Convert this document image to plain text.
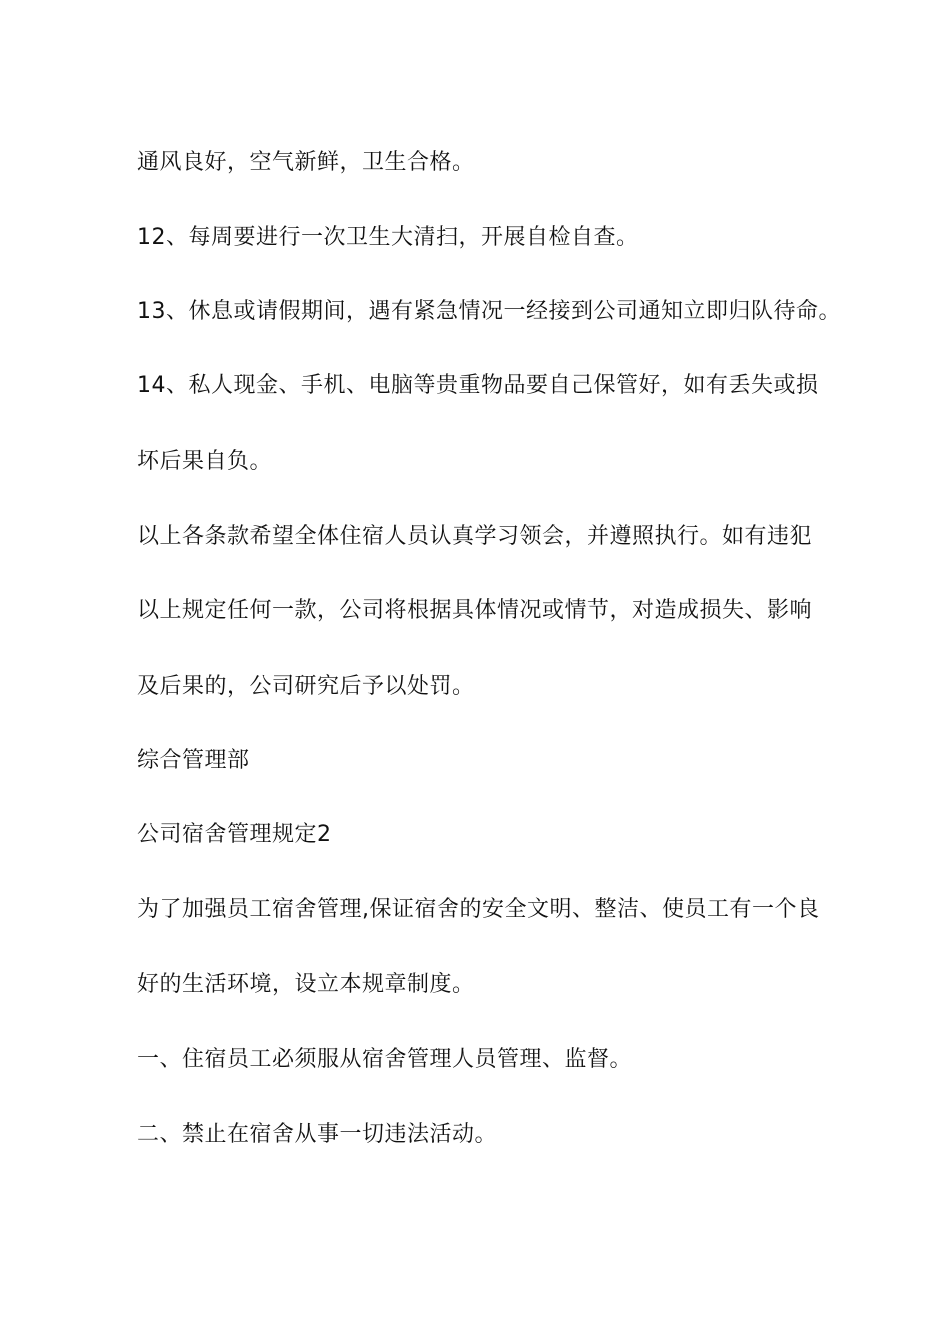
通风良好，空气新鲜，卫生合格。
12、每周要进行一次卫生大清扫，开展自检自查。
13、休息或请假期间，遇有紧急情况一经接到公司通知立即归队待命。
14、私人现金、手机、电脑等贵重物品要自己保管好，如有丢失或损
坏后果自负。
以上各条款希望全体住宿人员认真学习领会，并遵照执行。如有违犯
以上规定任何一款，公司将根据具体情况或情节，对造成损失、影响
及后果的，公司研究后予以处罚。
综合管理部
公司宿舍管理规定2
为了加强员工宿舍管理,保证宿舍的安全文明、整洁、使员工有一个良
好的生活环境，设立本规章制度。
一、住宿员工必须服从宿舍管理人员管理、监督。
二、禁止在宿舍从事一切违法活动。
